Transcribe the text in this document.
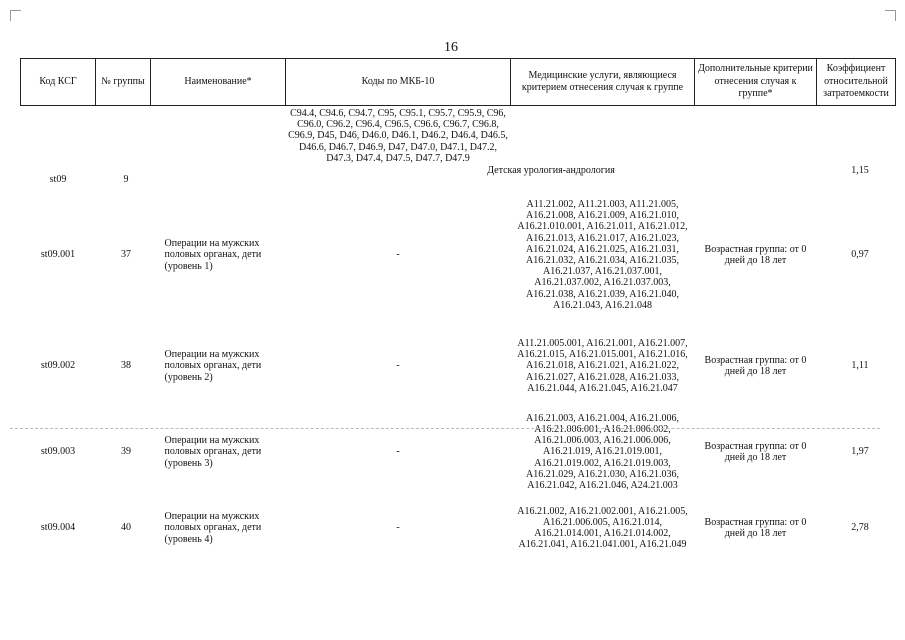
16
Код КСГ	№ группы	Наименование*	Коды по МКБ-10	Медицинские услуги, являющиеся критерием отнесения случая к группе	Дополнительные критерии отнесения случая к группе*	Коэффициент относительной затратоемкости
			C94.4, C94.6, C94.7, C95, C95.1, C95.7, C95.9, C96, C96.0, C96.2, C96.4, C96.5, C96.6, C96.7, C96.8, C96.9, D45, D46, D46.0, D46.1, D46.2, D46.4, D46.5, D46.6, D46.7, D46.9, D47, D47.0, D47.1, D47.2, D47.3, D47.4, D47.5, D47.7, D47.9			
st09	9		Детская урология-андрология			1,15
st09.001	37	Операции на мужских половых органах, дети (уровень 1)	-	A11.21.002, A11.21.003, A11.21.005, A16.21.008, A16.21.009, A16.21.010, A16.21.010.001, A16.21.011, A16.21.012, A16.21.013, A16.21.017, A16.21.023, A16.21.024, A16.21.025, A16.21.031, A16.21.032, A16.21.034, A16.21.035, A16.21.037, A16.21.037.001, A16.21.037.002, A16.21.037.003, A16.21.038, A16.21.039, A16.21.040, A16.21.043, A16.21.048	Возрастная группа: от 0 дней до 18 лет	0,97
st09.002	38	Операции на мужских половых органах, дети (уровень 2)	-	A11.21.005.001, A16.21.001, A16.21.007, A16.21.015, A16.21.015.001, A16.21.016, A16.21.018, A16.21.021, A16.21.022, A16.21.027, A16.21.028, A16.21.033, A16.21.044, A16.21.045, A16.21.047	Возрастная группа: от 0 дней до 18 лет	1,11
st09.003	39	Операции на мужских половых органах, дети (уровень 3)	-	A16.21.003, A16.21.004, A16.21.006, A16.21.006.001, A16.21.006.002, A16.21.006.003, A16.21.006.006, A16.21.019, A16.21.019.001, A16.21.019.002, A16.21.019.003, A16.21.029, A16.21.030, A16.21.036, A16.21.042, A16.21.046, A24.21.003	Возрастная группа: от 0 дней до 18 лет	1,97
st09.004	40	Операции на мужских половых органах, дети (уровень 4)	-	A16.21.002, A16.21.002.001, A16.21.005, A16.21.006.005, A16.21.014, A16.21.014.001, A16.21.014.002, A16.21.041, A16.21.041.001, A16.21.049	Возрастная группа: от 0 дней до 18 лет	2,78
